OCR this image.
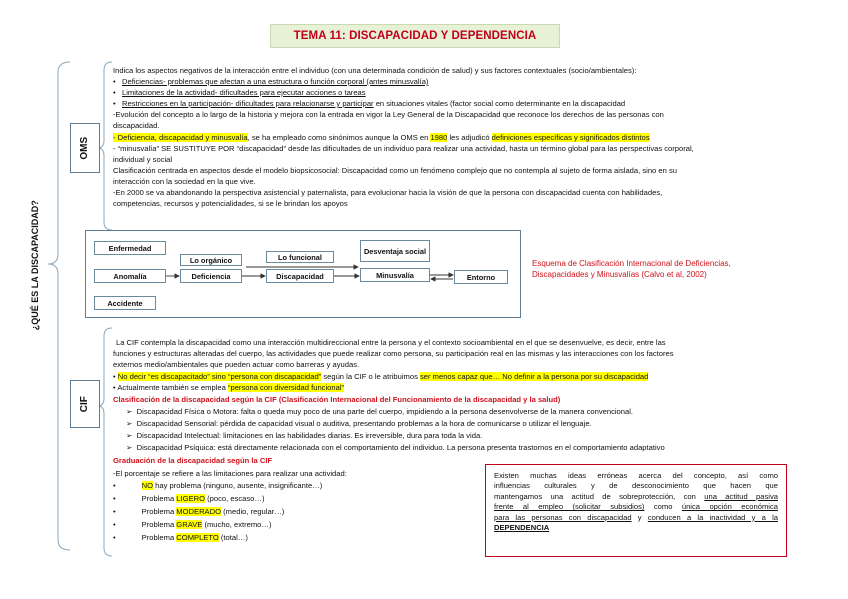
TEMA 11: DISCAPACIDAD Y DEPENDENCIA
¿QUÉ ES LA DISCAPACIDAD?
OMS
CIF
Indica los aspectos negativos de la interacción entre el individuo (con una determinada condición de salud) y sus factores contextuales (socio/ambientales):
•   Deficiencias- problemas que afectan a una estructura o función corporal (antes minusvalía)
•   Limitaciones de la actividad- dificultades para ejecutar acciones o tareas
•   Restricciones en la participación- dificultades para relacionarse y participar en situaciones vitales (factor social como determinante en la discapacidad
-Evolución del concepto a lo largo de la historia y mejora con la entrada en vigor la Ley General de la Discapacidad que reconoce los derechos de las personas con
discapacidad.
- Deficiencia, discapacidad y minusvalía, se ha empleado como sinónimos aunque la OMS en 1980 les adjudicó definiciones específicas y significados distintos
- “minusvalía” SE SUSTITUYE POR “discapacidad” desde las dificultades de un individuo para realizar una actividad, hasta un término global para las perspectivas corporal,
individual y social
Clasificación centrada en aspectos desde el modelo biopsicosocial: Discapacidad como un fenómeno complejo que no contempla al sujeto de forma aislada, sino en su
interacción con la sociedad en la que vive.
-En 2000 se va abandonando la perspectiva asistencial y paternalista, para evolucionar hacia la visión de que la persona con discapacidad cuenta con habilidades,
competencias, recursos y potencialidades, si se le brindan los apoyos
Enfermedad
Anomalía
Accidente
Lo orgánico
Deficiencia
Lo funcional
Discapacidad
Desventaja social
Minusvalía	Entorno
Esquema de Clasificación Internacional de Deficiencias,
Discapacidades y Minusvalías (Calvo et al, 2002)
La CIF contempla la discapacidad como una interacción multidireccional entre la persona y el contexto socioambiental en el que se desenvuelve, es decir, entre las
funciones y estructuras alteradas del cuerpo, las actividades que puede realizar como persona, su participación real en las mismas y las interacciones con los factores
externos medio/ambientales que pueden actuar como barreras y ayudas.
• No decir “es discapacitado” sino “persona con discapacidad” según la CIF o le atribuimos ser menos capaz que… No definir a la persona por su discapacidad
• Actualmente también se emplea “persona con diversidad funcional”
Clasificación de la discapacidad según la CIF (Clasificación Internacional del Funcionamiento de la discapacidad y la salud)
➢  Discapacidad Física o Motora: falta o queda muy poco de una parte del cuerpo, impidiendo a la persona desenvolverse de la manera convencional.
➢  Discapacidad Sensorial: pérdida de capacidad visual o auditiva, presentando problemas a la hora de comunicarse o utilizar el lenguaje.
➢  Discapacidad Intelectual: limitaciones en las habilidades diarias. Es irreversible, dura para toda la vida.
➢  Discapacidad Psíquica: está directamente relacionada con el comportamiento del individuo. La persona presenta trastornos en el comportamiento adaptativo
Graduación de la discapacidad según la CIF
-El porcentaje se refiere a las limitaciones para realizar una actividad:
•	NO hay problema (ninguno, ausente, insignificante…)
•	Problema LIGERO (poco, escaso…)
•	Problema MODERADO (medio, regular…)
•	Problema GRAVE (mucho, extremo…)
•	Problema COMPLETO (total…)
Existen muchas ideas erróneas acerca del concepto, así como
influencias culturales y de desconocimiento que hacen que
mantengamos una actitud de sobreprotección, con una actitud pasiva
frente al empleo (solicitar subsidios) como única opción económica
para las personas con discapacidad y conducen a la inactividad y a la
DEPENDENCIA
